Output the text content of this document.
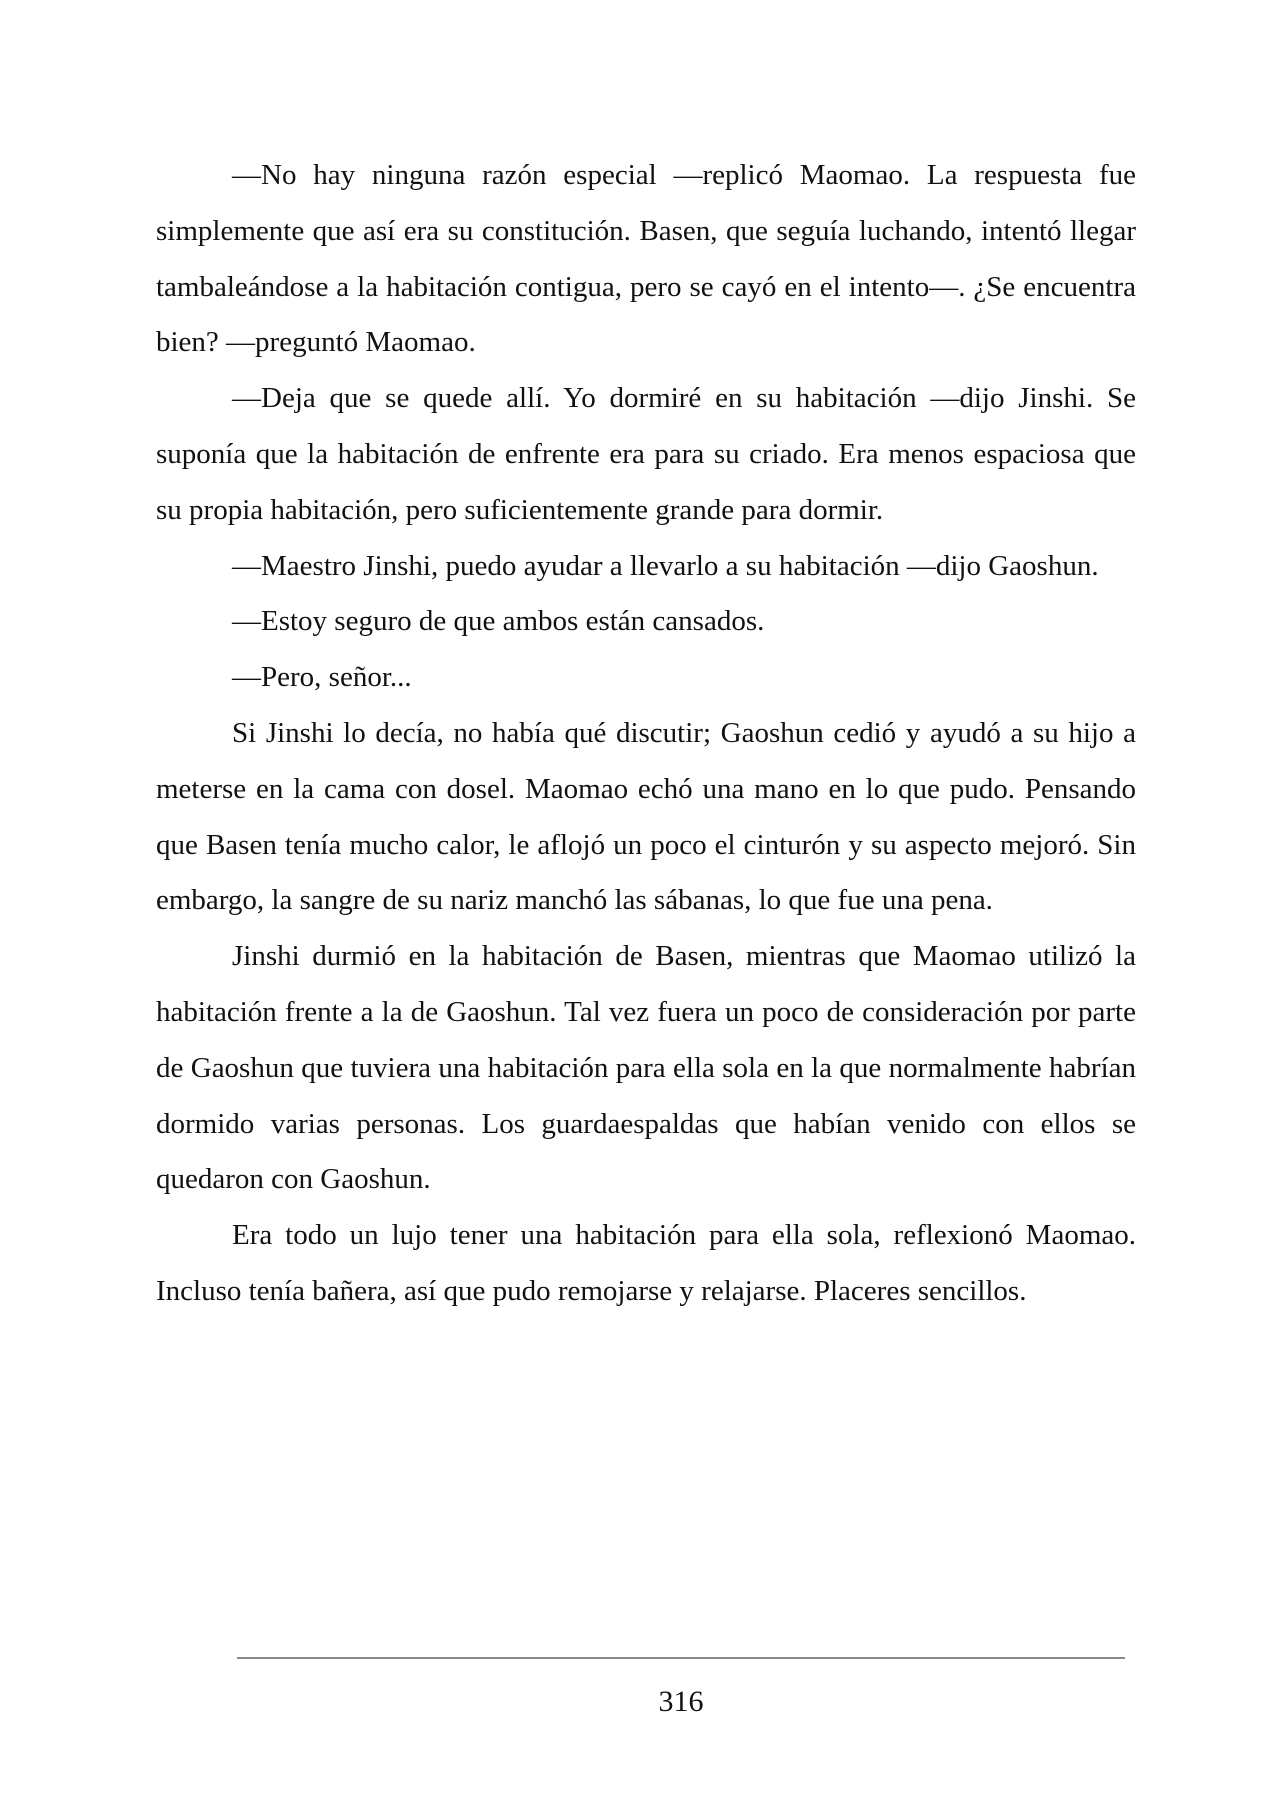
—No hay ninguna razón especial —replicó Maomao. La respuesta fue simplemente que así era su constitución. Basen, que seguía luchando, intentó llegar tambaleándose a la habitación contigua, pero se cayó en el intento—. ¿Se encuentra bien? —preguntó Maomao.

—Deja que se quede allí. Yo dormiré en su habitación —dijo Jinshi. Se suponía que la habitación de enfrente era para su criado. Era menos espaciosa que su propia habitación, pero suficientemente grande para dormir.

—Maestro Jinshi, puedo ayudar a llevarlo a su habitación —dijo Gaoshun.

—Estoy seguro de que ambos están cansados.

—Pero, señor...

Si Jinshi lo decía, no había qué discutir; Gaoshun cedió y ayudó a su hijo a meterse en la cama con dosel. Maomao echó una mano en lo que pudo. Pensando que Basen tenía mucho calor, le aflojó un poco el cinturón y su aspecto mejoró. Sin embargo, la sangre de su nariz manchó las sábanas, lo que fue una pena.

Jinshi durmió en la habitación de Basen, mientras que Maomao utilizó la habitación frente a la de Gaoshun. Tal vez fuera un poco de consideración por parte de Gaoshun que tuviera una habitación para ella sola en la que normalmente habrían dormido varias personas. Los guardaespaldas que habían venido con ellos se quedaron con Gaoshun.

Era todo un lujo tener una habitación para ella sola, reflexionó Maomao. Incluso tenía bañera, así que pudo remojarse y relajarse. Placeres sencillos.

316
